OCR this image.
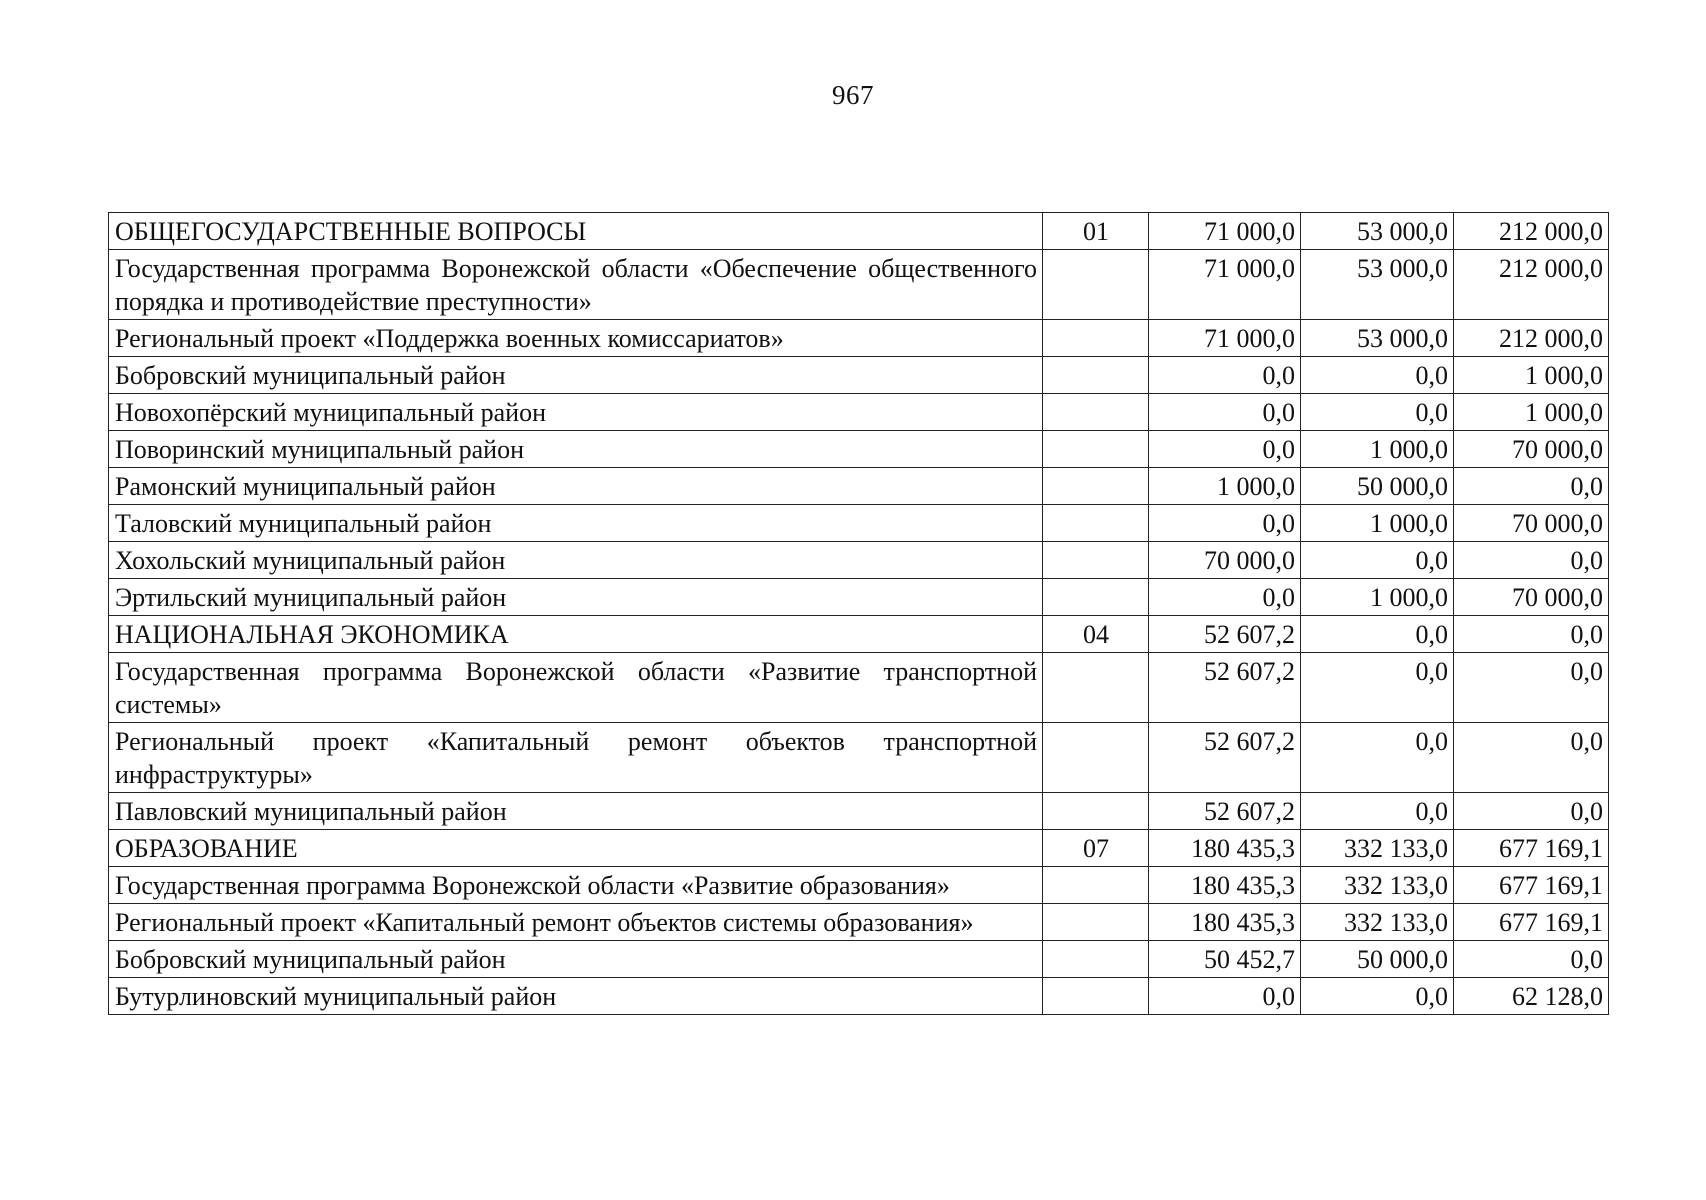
967
ОБЩЕГОСУДАРСТВЕННЫЕ ВОПРОСЫ	01	71 000,0	53 000,0	212 000,0
Государственная программа Воронежской области «Обеспечение общественного порядка и противодействие преступности»		71 000,0	53 000,0	212 000,0
Региональный проект «Поддержка военных комиссариатов»		71 000,0	53 000,0	212 000,0
Бобровский муниципальный район		0,0	0,0	1 000,0
Новохопёрский муниципальный район		0,0	0,0	1 000,0
Поворинский муниципальный район		0,0	1 000,0	70 000,0
Рамонский муниципальный район		1 000,0	50 000,0	0,0
Таловский муниципальный район		0,0	1 000,0	70 000,0
Хохольский муниципальный район		70 000,0	0,0	0,0
Эртильский муниципальный район		0,0	1 000,0	70 000,0
НАЦИОНАЛЬНАЯ ЭКОНОМИКА	04	52 607,2	0,0	0,0
Государственная программа Воронежской области «Развитие транспортной системы»		52 607,2	0,0	0,0
Региональный проект «Капитальный ремонт объектов транспортной инфраструктуры»		52 607,2	0,0	0,0
Павловский муниципальный район		52 607,2	0,0	0,0
ОБРАЗОВАНИЕ	07	180 435,3	332 133,0	677 169,1
Государственная программа Воронежской области «Развитие образования»		180 435,3	332 133,0	677 169,1
Региональный проект «Капитальный ремонт объектов системы образования»		180 435,3	332 133,0	677 169,1
Бобровский муниципальный район		50 452,7	50 000,0	0,0
Бутурлиновский муниципальный район		0,0	0,0	62 128,0
